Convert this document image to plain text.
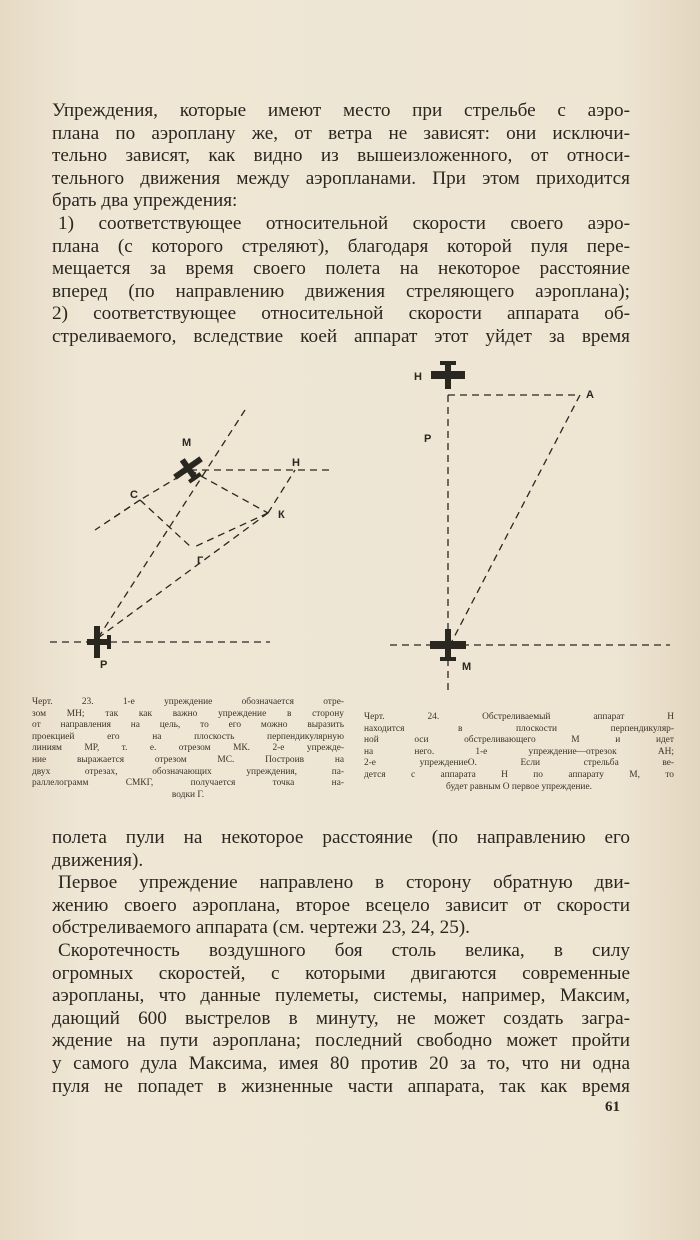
Упреждения, которые имеют место при стрельбе с аэро-
плана по аэроплану же, от ветра не зависят: они исключи-
тельно зависят, как видно из вышеизложенного, от относи-
тельного движения между аэропланами. При этом приходится
брать два упреждения:
1) соответствующее относительной скорости своего аэро-
плана (с которого стреляют), благодаря которой пуля пере-
мещается за время своего полета на некоторое расстояние
вперед (по направлению движения стреляющего аэроплана);
2) соответствующее относительной скорости аппарата об-
стреливаемого, вследствие коей аппарат этот уйдет за время
М
Н
С
К
Г
Р
Н
А
Р
М
Черт. 23. 1-е упреждение обозначается отре-
зом МН; так как важно упреждение в сторону
от направления на цель, то его можно выразить
проекцией его на плоскость перпендикулярную
линиям МР, т. е. отрезом МК. 2-е упрежде-
ние выражается отрезом МС. Построив на
двух отрезах, обозначающих упреждения, па-
раллелограмм СМКГ, получается точка на-
водки Г.
Черт. 24. Обстреливаемый аппарат Н
находится в плоскости перпендикуляр-
ной оси обстреливающего М и идет
на него. 1-е упреждение—отрезок АН;
2-е упреждениеО. Если стрельба ве-
дется с аппарата Н по аппарату М, то
будет равным О первое упреждение.
полета пули на некоторое расстояние (по направлению его
движения).
Первое упреждение направлено в сторону обратную дви-
жению своего аэроплана, второе всецело зависит от скорости
обстреливаемого аппарата (см. чертежи 23, 24, 25).
Скоротечность воздушного боя столь велика, в силу
огромных скоростей, с которыми двигаются современные
аэропланы, что данные пулеметы, системы, например, Максим,
дающий 600 выстрелов в минуту, не может создать загра-
ждение на пути аэроплана; последний свободно может пройти
у самого дула Максима, имея 80 против 20 за то, что ни одна
пуля не попадет в жизненные части аппарата, так как время
61
